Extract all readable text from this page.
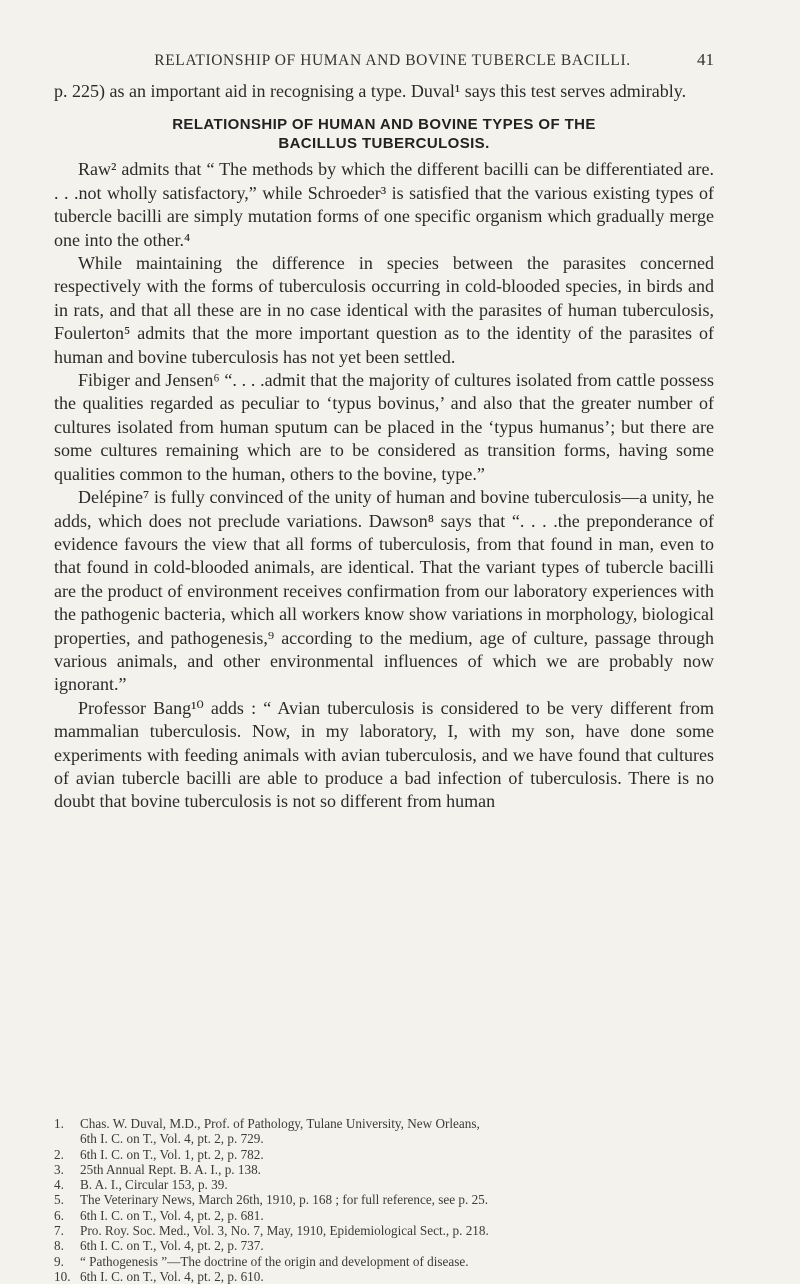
RELATIONSHIP OF HUMAN AND BOVINE TUBERCLE BACILLI.	41

p. 225) as an important aid in recognising a type. Duval¹ says this test serves admirably.

RELATIONSHIP OF HUMAN AND BOVINE TYPES OF THE
BACILLUS TUBERCULOSIS.

Raw² admits that “ The methods by which the different bacilli can be differentiated are. . . .not wholly satisfactory,” while Schroeder³ is satisfied that the various existing types of tubercle bacilli are simply mutation forms of one specific organism which gradually merge one into the other.⁴

While maintaining the difference in species between the parasites concerned respectively with the forms of tuberculosis occurring in cold-blooded species, in birds and in rats, and that all these are in no case identical with the parasites of human tuberculosis, Foulerton⁵ admits that the more important question as to the identity of the parasites of human and bovine tuberculosis has not yet been settled.

Fibiger and Jensen⁶ “. . . .admit that the majority of cultures isolated from cattle possess the qualities regarded as peculiar to ‘typus bovinus,’ and also that the greater number of cultures isolated from human sputum can be placed in the ‘typus humanus’; but there are some cultures remaining which are to be considered as transition forms, having some qualities common to the human, others to the bovine, type.”

Delépine⁷ is fully convinced of the unity of human and bovine tuberculosis—a unity, he adds, which does not preclude variations. Dawson⁸ says that “. . . .the preponderance of evidence favours the view that all forms of tuberculosis, from that found in man, even to that found in cold-blooded animals, are identical. That the variant types of tubercle bacilli are the product of environment receives confirmation from our laboratory experiences with the pathogenic bacteria, which all workers know show variations in morphology, biological properties, and pathogenesis,⁹ according to the medium, age of culture, passage through various animals, and other environmental influences of which we are probably now ignorant.”

Professor Bang¹⁰ adds : “ Avian tuberculosis is considered to be very different from mammalian tuberculosis. Now, in my laboratory, I, with my son, have done some experiments with feeding animals with avian tuberculosis, and we have found that cultures of avian tubercle bacilli are able to produce a bad infection of tuberculosis. There is no doubt that bovine tuberculosis is not so different from human

1.	Chas. W. Duval, M.D., Prof. of Pathology, Tulane University, New Orleans,
6th I. C. on T., Vol. 4, pt. 2, p. 729.
2.	6th I. C. on T., Vol. 1, pt. 2, p. 782.
3.	25th Annual Rept. B. A. I., p. 138.
4.	B. A. I., Circular 153, p. 39.
5.	The Veterinary News, March 26th, 1910, p. 168 ; for full reference, see p. 25.
6.	6th I. C. on T., Vol. 4, pt. 2, p. 681.
7.	Pro. Roy. Soc. Med., Vol. 3, No. 7, May, 1910, Epidemiological Sect., p. 218.
8.	6th I. C. on T., Vol. 4, pt. 2, p. 737.
9.	“ Pathogenesis ”—The doctrine of the origin and development of disease.
10. 6th I. C. on T., Vol. 4, pt. 2, p. 610.
